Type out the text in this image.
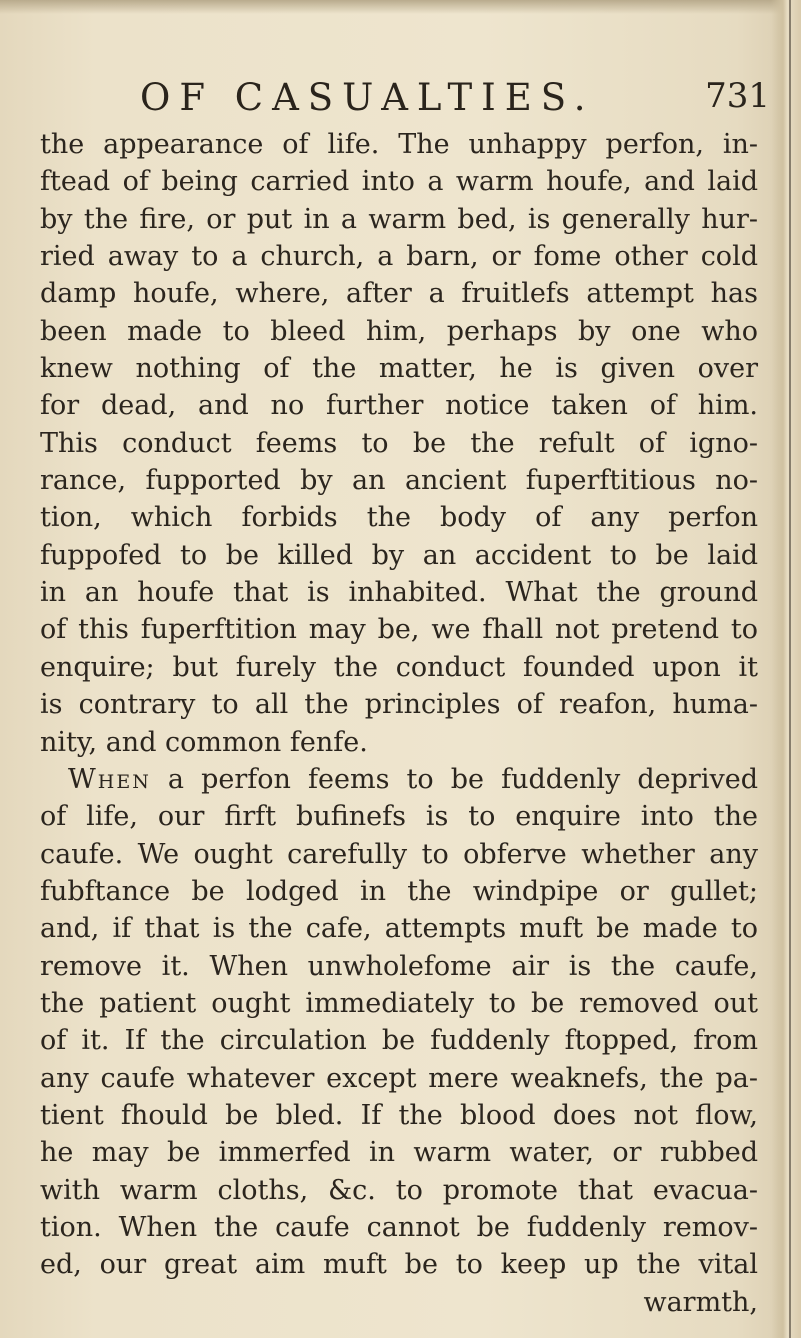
OF CASUALTIES.	731
the appearance of life. The unhappy perfon, in-
ftead of being carried into a warm houfe, and laid
by the fire, or put in a warm bed, is generally hur-
ried away to a church, a barn, or fome other cold
damp houfe, where, after a fruitlefs attempt has
been made to bleed him, perhaps by one who
knew nothing of the matter, he is given over
for dead, and no further notice taken of him.
This conduct feems to be the refult of igno-
rance, fupported by an ancient fuperftitious no-
tion, which forbids the body of any perfon
fuppofed to be killed by an accident to be laid
in an houfe that is inhabited. What the ground
of this fuperftition may be, we fhall not pretend to
enquire; but furely the conduct founded upon it
is contrary to all the principles of reafon, huma-
nity, and common fenfe.
When a perfon feems to be fuddenly deprived
of life, our firft bufinefs is to enquire into the
caufe. We ought carefully to obferve whether any
fubftance be lodged in the windpipe or gullet;
and, if that is the cafe, attempts muft be made to
remove it. When unwholefome air is the caufe,
the patient ought immediately to be removed out
of it. If the circulation be fuddenly ftopped, from
any caufe whatever except mere weaknefs, the pa-
tient fhould be bled. If the blood does not flow,
he may be immerfed in warm water, or rubbed
with warm cloths, &c. to promote that evacua-
tion. When the caufe cannot be fuddenly remov-
ed, our great aim muft be to keep up the vital
warmth,
